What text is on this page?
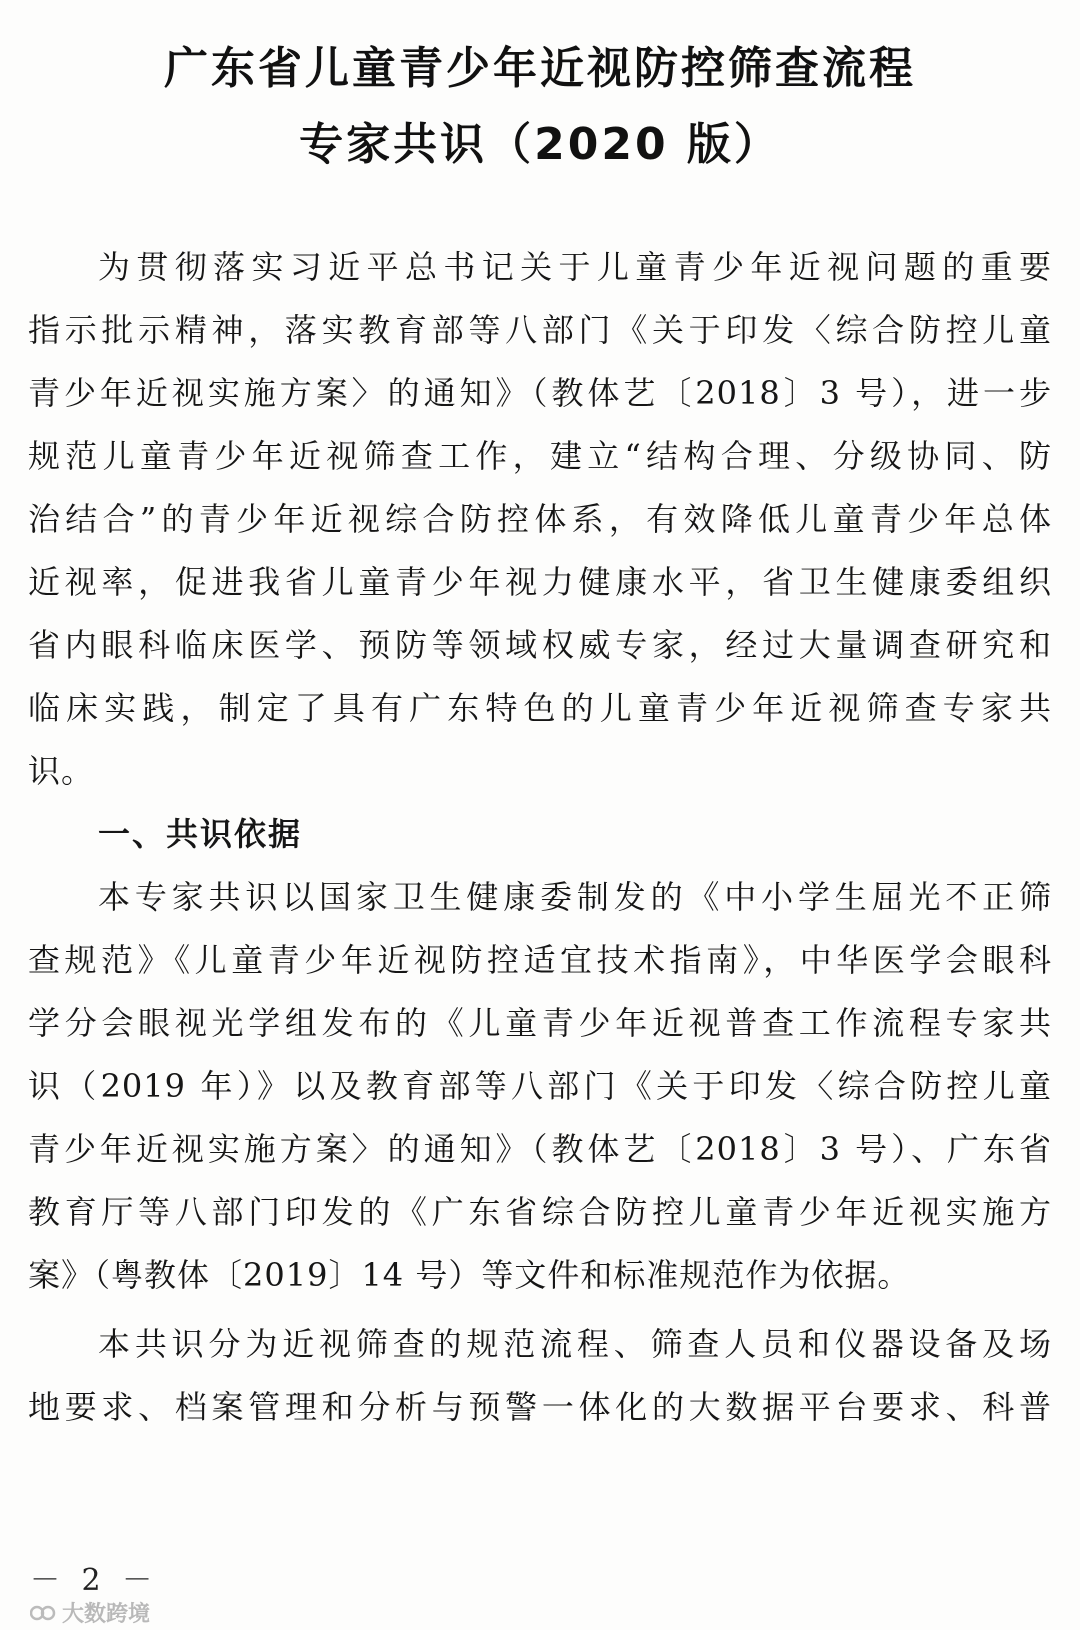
广东省儿童青少年近视防控筛查流程
专家共识（2020 版）
为贯彻落实习近平总书记关于儿童青少年近视问题的重要
指示批示精神，落实教育部等八部门《关于印发〈综合防控儿童
青少年近视实施方案〉的通知》（教体艺〔2018〕3 号），进一步
规范儿童青少年近视筛查工作，建立“结构合理、分级协同、防
治结合”的青少年近视综合防控体系，有效降低儿童青少年总体
近视率，促进我省儿童青少年视力健康水平，省卫生健康委组织
省内眼科临床医学、预防等领域权威专家，经过大量调查研究和
临床实践，制定了具有广东特色的儿童青少年近视筛查专家共
识。
一、共识依据
本专家共识以国家卫生健康委制发的《中小学生屈光不正筛
查规范》《儿童青少年近视防控适宜技术指南》，中华医学会眼科
学分会眼视光学组发布的《儿童青少年近视普查工作流程专家共
识（2019 年）》以及教育部等八部门《关于印发〈综合防控儿童
青少年近视实施方案〉的通知》（教体艺〔2018〕3 号）、广东省
教育厅等八部门印发的《广东省综合防控儿童青少年近视实施方
案》（粤教体〔2019〕14 号）等文件和标准规范作为依据。
本共识分为近视筛查的规范流程、筛查人员和仪器设备及场
地要求、档案管理和分析与预警一体化的大数据平台要求、科普
－ 2 －
大数跨境
